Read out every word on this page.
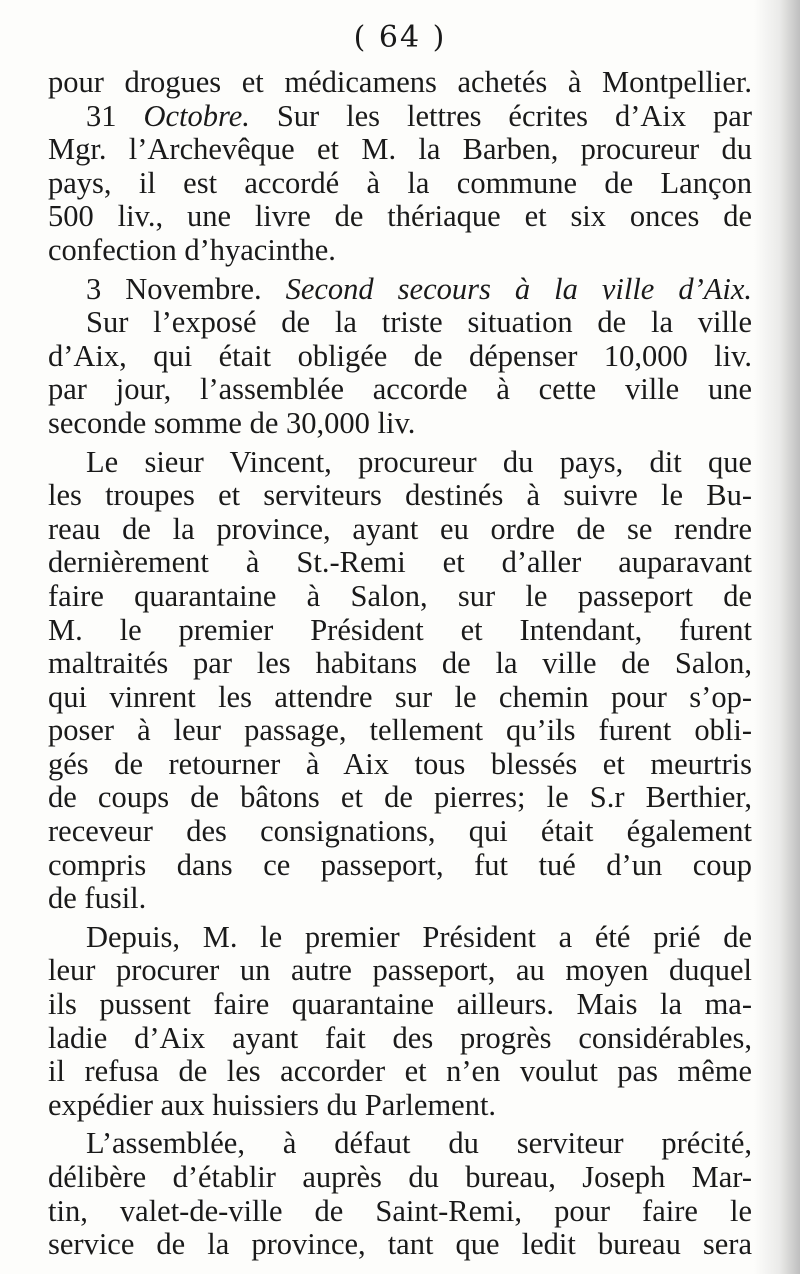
( 64 )
pour drogues et médicamens achetés à Montpellier.
31 Octobre. Sur les lettres écrites d’Aix par
Mgr. l’Archevêque et M. la Barben, procureur du
pays, il est accordé à la commune de Lançon
500 liv., une livre de thériaque et six onces de
confection d’hyacinthe.
3 Novembre. Second secours à la ville d’Aix.
Sur l’exposé de la triste situation de la ville
d’Aix, qui était obligée de dépenser 10,000 liv.
par jour, l’assemblée accorde à cette ville une
seconde somme de 30,000 liv.
Le sieur Vincent, procureur du pays, dit que
les troupes et serviteurs destinés à suivre le Bu-
reau de la province, ayant eu ordre de se rendre
dernièrement à St.-Remi et d’aller auparavant
faire quarantaine à Salon, sur le passeport de
M. le premier Président et Intendant, furent
maltraités par les habitans de la ville de Salon,
qui vinrent les attendre sur le chemin pour s’op-
poser à leur passage, tellement qu’ils furent obli-
gés de retourner à Aix tous blessés et meurtris
de coups de bâtons et de pierres; le S.r Berthier,
receveur des consignations, qui était également
compris dans ce passeport, fut tué d’un coup
de fusil.
Depuis, M. le premier Président a été prié de
leur procurer un autre passeport, au moyen duquel
ils pussent faire quarantaine ailleurs. Mais la ma-
ladie d’Aix ayant fait des progrès considérables,
il refusa de les accorder et n’en voulut pas même
expédier aux huissiers du Parlement.
L’assemblée, à défaut du serviteur précité,
délibère d’établir auprès du bureau, Joseph Mar-
tin, valet-de-ville de Saint-Remi, pour faire le
service de la province, tant que ledit bureau sera
